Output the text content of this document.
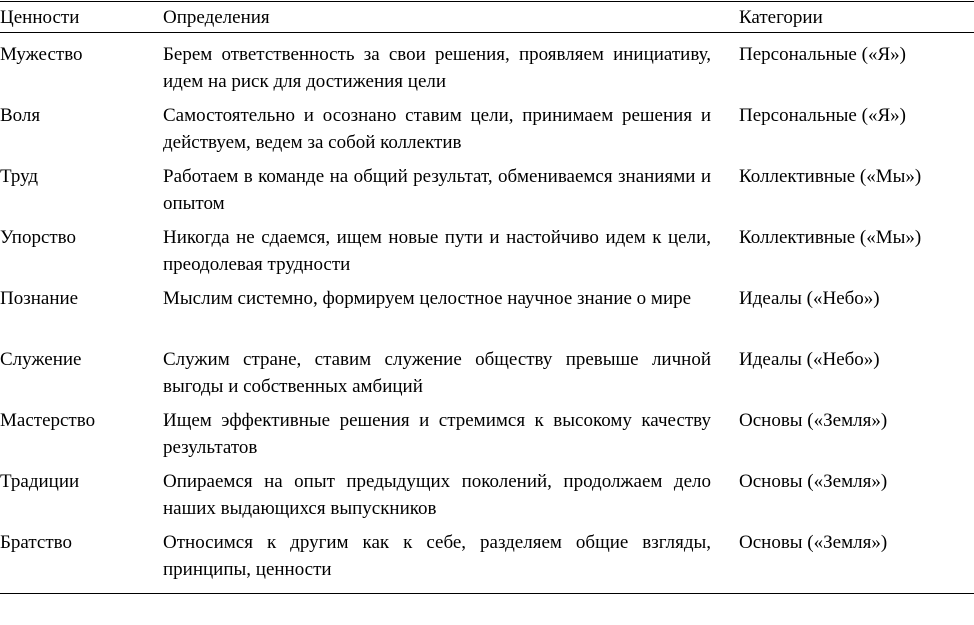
Ценности	Определения	Категории
Мужество	Берем ответственность за свои решения, проявляем инициативу, идем на риск для достижения цели	Персональные («Я»)
Воля	Самостоятельно и осознано ставим цели, принимаем решения и действуем, ведем за собой коллектив	Персональные («Я»)
Труд	Работаем в команде на общий результат, обмениваемся знаниями и опытом	Коллективные («Мы»)
Упорство	Никогда не сдаемся, ищем новые пути и настойчиво идем к цели, преодолевая трудности	Коллективные («Мы»)
Познание	Мыслим системно, формируем целостное научное знание о мире	Идеалы («Небо»)
Служение	Служим стране, ставим служение обществу превыше личной выгоды и собственных амбиций	Идеалы («Небо»)
Мастерство	Ищем эффективные решения и стремимся к высокому качеству результатов	Основы («Земля»)
Традиции	Опираемся на опыт предыдущих поколений, продолжаем дело наших выдающихся выпускников	Основы («Земля»)
Братство	Относимся к другим как к себе, разделяем общие взгляды, принципы, ценности	Основы («Земля»)
